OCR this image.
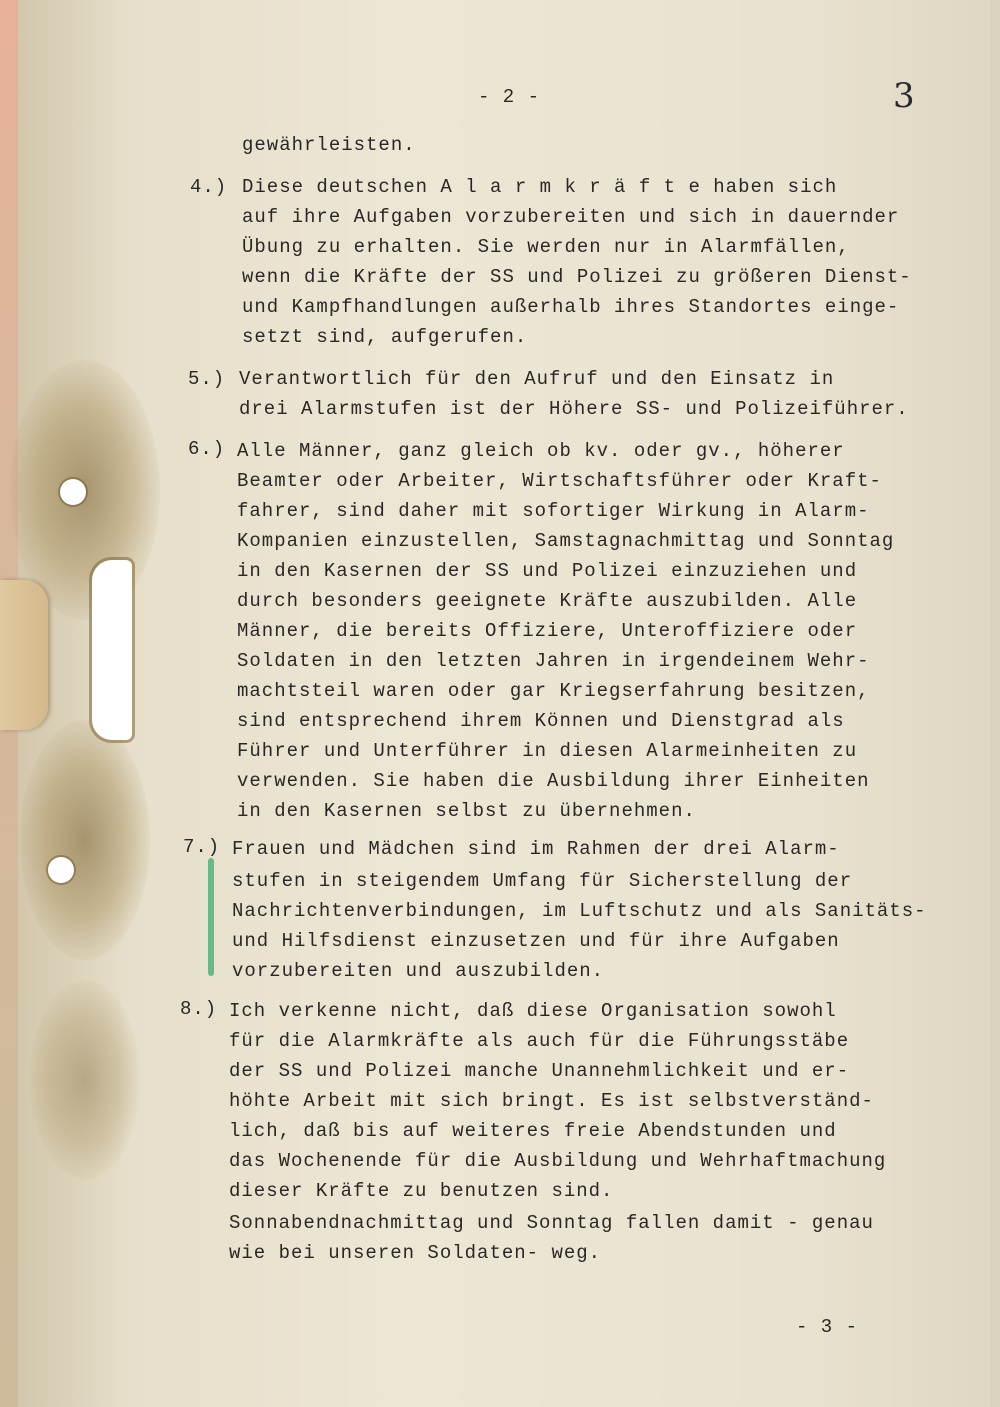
- 2 -	3
gewährleisten.
4.) Diese deutschen A l a r m k r ä f t e haben sich
auf ihre Aufgaben vorzubereiten und sich in dauernder
Übung zu erhalten. Sie werden nur in Alarmfällen,
wenn die Kräfte der SS und Polizei zu größeren Dienst-
und Kampfhandlungen außerhalb ihres Standortes einge-
setzt sind, aufgerufen.
5.) Verantwortlich für den Aufruf und den Einsatz in
drei Alarmstufen ist der Höhere SS- und Polizeiführer.
6.) Alle Männer, ganz gleich ob kv. oder gv., höherer
Beamter oder Arbeiter, Wirtschaftsführer oder Kraft-
fahrer, sind daher mit sofortiger Wirkung in Alarm-
Kompanien einzustellen, Samstagnachmittag und Sonntag
in den Kasernen der SS und Polizei einzuziehen und
durch besonders geeignete Kräfte auszubilden. Alle
Männer, die bereits Offiziere, Unteroffiziere oder
Soldaten in den letzten Jahren in irgendeinem Wehr-
machtsteil waren oder gar Kriegserfahrung besitzen,
sind entsprechend ihrem Können und Dienstgrad als
Führer und Unterführer in diesen Alarmeinheiten zu
verwenden. Sie haben die Ausbildung ihrer Einheiten
in den Kasernen selbst zu übernehmen.
7.) Frauen und Mädchen sind im Rahmen der drei Alarm-
stufen in steigendem Umfang für Sicherstellung der
Nachrichtenverbindungen, im Luftschutz und als Sanitäts-
und Hilfsdienst einzusetzen und für ihre Aufgaben
vorzubereiten und auszubilden.
8.) Ich verkenne nicht, daß diese Organisation sowohl
für die Alarmkräfte als auch für die Führungsstäbe
der SS und Polizei manche Unannehmlichkeit und er-
höhte Arbeit mit sich bringt. Es ist selbstverständ-
lich, daß bis auf weiteres freie Abendstunden und
das Wochenende für die Ausbildung und Wehrhaftmachung
dieser Kräfte zu benutzen sind.
Sonnabendnachmittag und Sonntag fallen damit - genau
wie bei unseren Soldaten- weg.
- 3 -
